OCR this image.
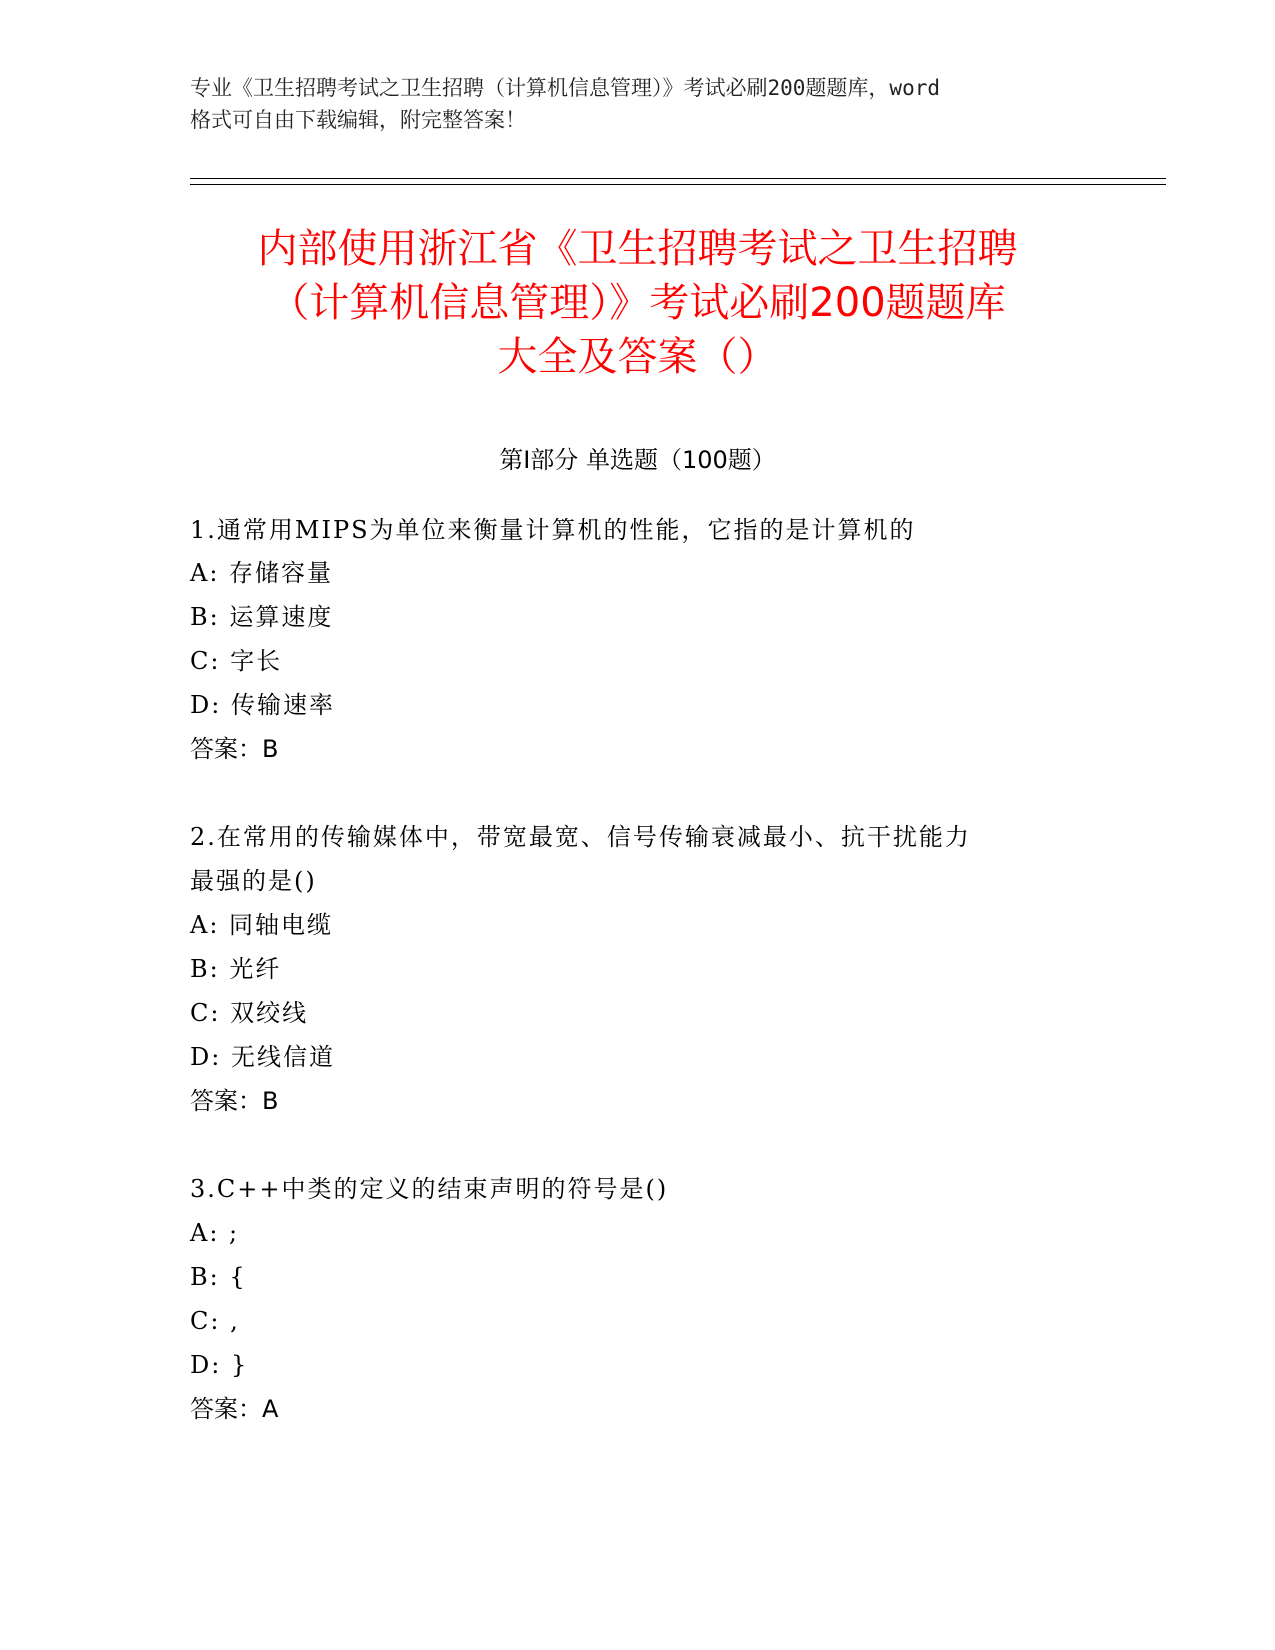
专业《卫生招聘考试之卫生招聘（计算机信息管理）》考试必刷200题题库，word
格式可自由下载编辑，附完整答案！
内部使用浙江省《卫生招聘考试之卫生招聘
（计算机信息管理）》考试必刷200题题库
大全及答案（）
第I部分 单选题（100题）
1.通常用MIPS为单位来衡量计算机的性能，它指的是计算机的
A: 存储容量
B: 运算速度
C: 字长
D: 传输速率
答案：B
2.在常用的传输媒体中，带宽最宽、信号传输衰减最小、抗干扰能力
最强的是()
A: 同轴电缆
B: 光纤
C: 双绞线
D: 无线信道
答案：B
3.C++中类的定义的结束声明的符号是()
A: ;
B: {
C: ,
D: }
答案：A
